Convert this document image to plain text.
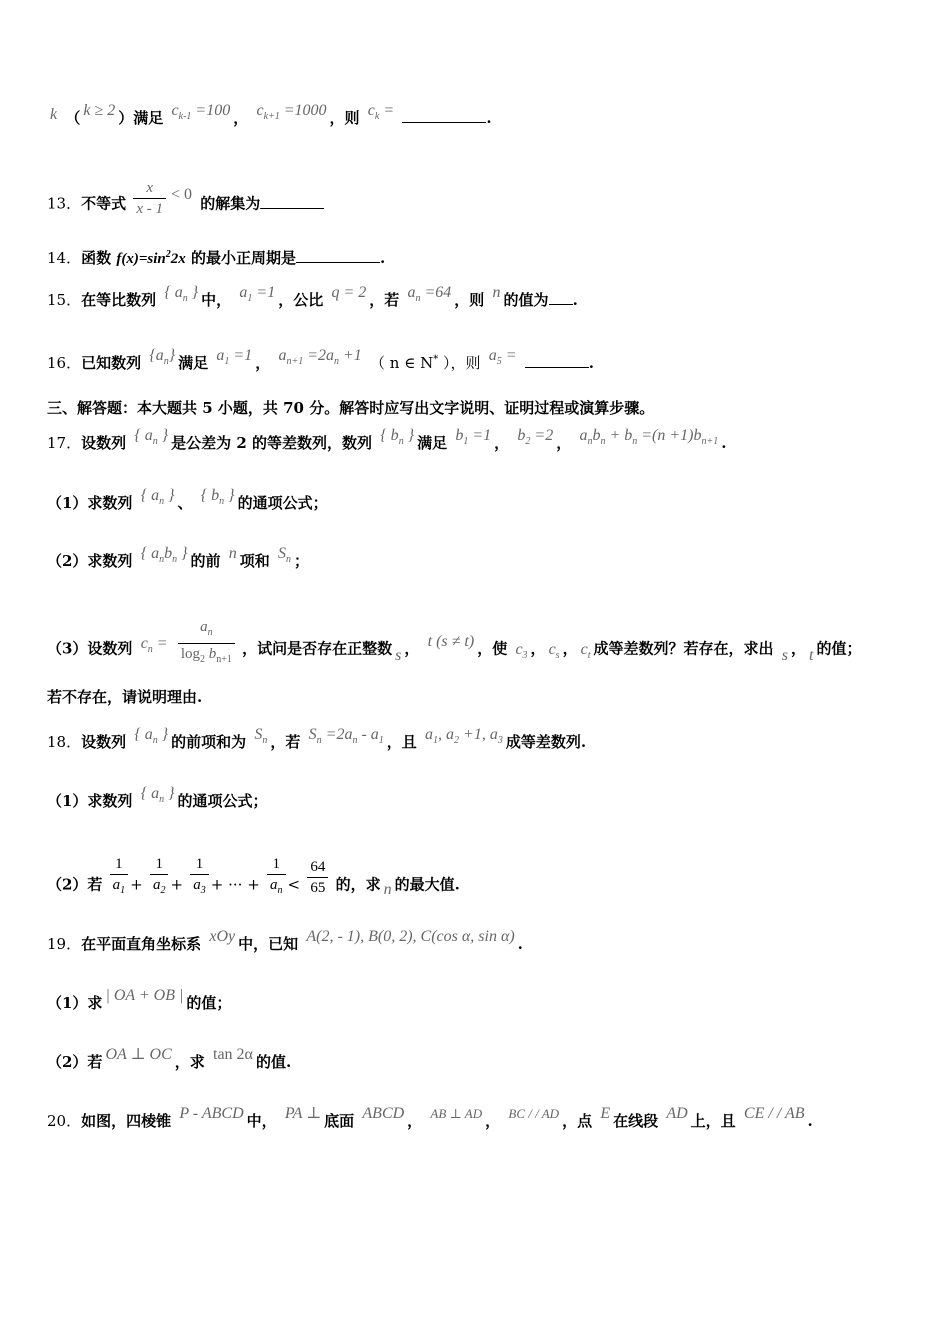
k （ k ≥ 2 ）满足 $c_{k-1} =100$ ， $c_{k+1} =1000$ ，则 $c_k$ =	.
13．不等式 $\frac{x}{x - 1} < 0$ 的解集为
14．函数 $f(x)=\sin^22x$ 的最小正周期是	.
15．在等比数列 { $a_n$ } 中， $a_1 =1$ ，公比 q = 2 ，若 $a_n =64$ ，则 n 的值为 .
16．已知数列 $\{a_n\}$ 满足 $a_1 =1$ ， $a_{n+1} =2a_n +1$ （ n ∈ N* ），则 $a_5$ =	.
三、解答题：本大题共 5 小题，共 70 分。解答时应写出文字说明、证明过程或演算步骤。
17．设数列 { $a_n$ } 是公差为 2 的等差数列，数列 { $b_n$ } 满足 $b_1 =1$ ， $b_2 =2$ ， $a_nb_n + b_n =(n +1)b_{n+1}$ .
（1）求数列 { $a_n$ } 、 { $b_n$ } 的通项公式；
（2）求数列 { $a_nb_n$ } 的前 n 项和 $S_n$ ；
（3）设数列 $c_n = \frac{a_n}{\log_2 b_{n+1}}$ ，试问是否存在正整数 s ， t (s ≠ t) ，使 $c_3$ ， $c_s$ ， $c_t$ 成等差数列？若存在，求出 s ， t 的值；
若不存在，请说明理由.
18．设数列 { $a_n$ } 的前项和为 $S_n$ ，若 $S_n =2a_n - a_1$ ，且 $a_1$, $a_2 +1$, $a_3$ 成等差数列.
（1）求数列 { $a_n$ } 的通项公式；
（2）若 $\frac{1}{a_1} + \frac{1}{a_2} + \frac{1}{a_3}$ + ··· + $\frac{1}{a_n} < \frac{64}{65}$ 的，求 n 的最大值.
19．在平面直角坐标系 xOy 中，已知 A(2, - 1), B(0, 2), C(cos α, sin α) .
（1）求 | OA + OB | 的值；
（2）若 OA ⊥ OC ，求 tan 2α 的值.
20．如图，四棱锥 P - ABCD 中， PA ⊥ 底面 ABCD ， AB ⊥ AD ， BC / / AD ，点 E 在线段 AD 上，且 CE / / AB .
